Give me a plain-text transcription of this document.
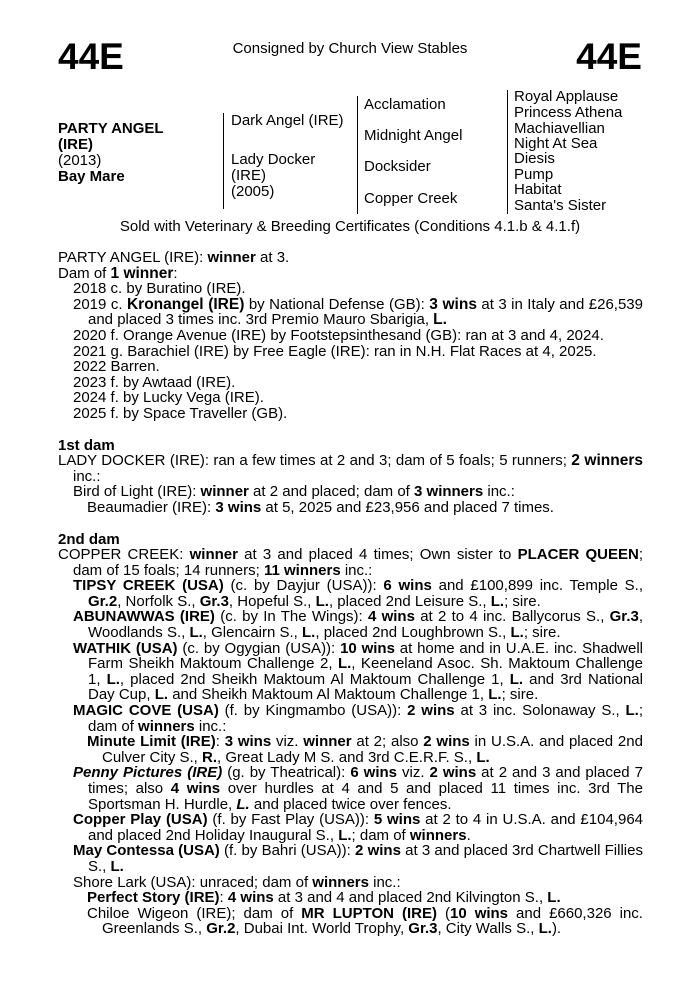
44E	Consigned by Church View Stables	44E
PARTY ANGEL
(IRE)
(2013)
Bay Mare
Dark Angel (IRE)
Lady Docker
(IRE)
(2005)
Acclamation
Midnight Angel
Docksider
Copper Creek
Royal Applause
Princess Athena
Machiavellian
Night At Sea
Diesis
Pump
Habitat
Santa's Sister
Sold with Veterinary & Breeding Certificates (Conditions 4.1.b & 4.1.f)

PARTY ANGEL (IRE): winner at 3.

Dam of 1 winner:

2018 c. by Buratino (IRE).

2019 c. Kronangel (IRE) by National Defense (GB): 3 wins at 3 in Italy and £26,539 and placed 3 times inc. 3rd Premio Mauro Sbarigia, L.

2020 f. Orange Avenue (IRE) by Footstepsinthesand (GB): ran at 3 and 4, 2024.

2021 g. Barachiel (IRE) by Free Eagle (IRE): ran in N.H. Flat Races at 4, 2025.

2022 Barren.

2023 f. by Awtaad (IRE).

2024 f. by Lucky Vega (IRE).

2025 f. by Space Traveller (GB).

1st dam

LADY DOCKER (IRE): ran a few times at 2 and 3; dam of 5 foals; 5 runners; 2 winners inc.:

Bird of Light (IRE): winner at 2 and placed; dam of 3 winners inc.:

Beaumadier (IRE): 3 wins at 5, 2025 and £23,956 and placed 7 times.

2nd dam

COPPER CREEK: winner at 3 and placed 4 times; Own sister to PLACER QUEEN; dam of 15 foals; 14 runners; 11 winners inc.:

TIPSY CREEK (USA) (c. by Dayjur (USA)): 6 wins and £100,899 inc. Temple S., Gr.2, Norfolk S., Gr.3, Hopeful S., L., placed 2nd Leisure S., L.; sire.

ABUNAWWAS (IRE) (c. by In The Wings): 4 wins at 2 to 4 inc. Ballycorus S., Gr.3, Woodlands S., L., Glencairn S., L., placed 2nd Loughbrown S., L.; sire.

WATHIK (USA) (c. by Ogygian (USA)): 10 wins at home and in U.A.E. inc. Shadwell Farm Sheikh Maktoum Challenge 2, L., Keeneland Asoc. Sh. Maktoum Challenge 1, L., placed 2nd Sheikh Maktoum Al Maktoum Challenge 1, L. and 3rd National Day Cup, L. and Sheikh Maktoum Al Maktoum Challenge 1, L.; sire.

MAGIC COVE (USA) (f. by Kingmambo (USA)): 2 wins at 3 inc. Solonaway S., L.; dam of winners inc.:

Minute Limit (IRE): 3 wins viz. winner at 2; also 2 wins in U.S.A. and placed 2nd Culver City S., R., Great Lady M S. and 3rd C.E.R.F. S., L.

Penny Pictures (IRE) (g. by Theatrical): 6 wins viz. 2 wins at 2 and 3 and placed 7 times; also 4 wins over hurdles at 4 and 5 and placed 11 times inc. 3rd The Sportsman H. Hurdle, L. and placed twice over fences.

Copper Play (USA) (f. by Fast Play (USA)): 5 wins at 2 to 4 in U.S.A. and £104,964 and placed 2nd Holiday Inaugural S., L.; dam of winners.

May Contessa (USA) (f. by Bahri (USA)): 2 wins at 3 and placed 3rd Chartwell Fillies S., L.

Shore Lark (USA): unraced; dam of winners inc.:

Perfect Story (IRE): 4 wins at 3 and 4 and placed 2nd Kilvington S., L.

Chiloe Wigeon (IRE); dam of MR LUPTON (IRE) (10 wins and £660,326 inc. Greenlands S., Gr.2, Dubai Int. World Trophy, Gr.3, City Walls S., L.).
